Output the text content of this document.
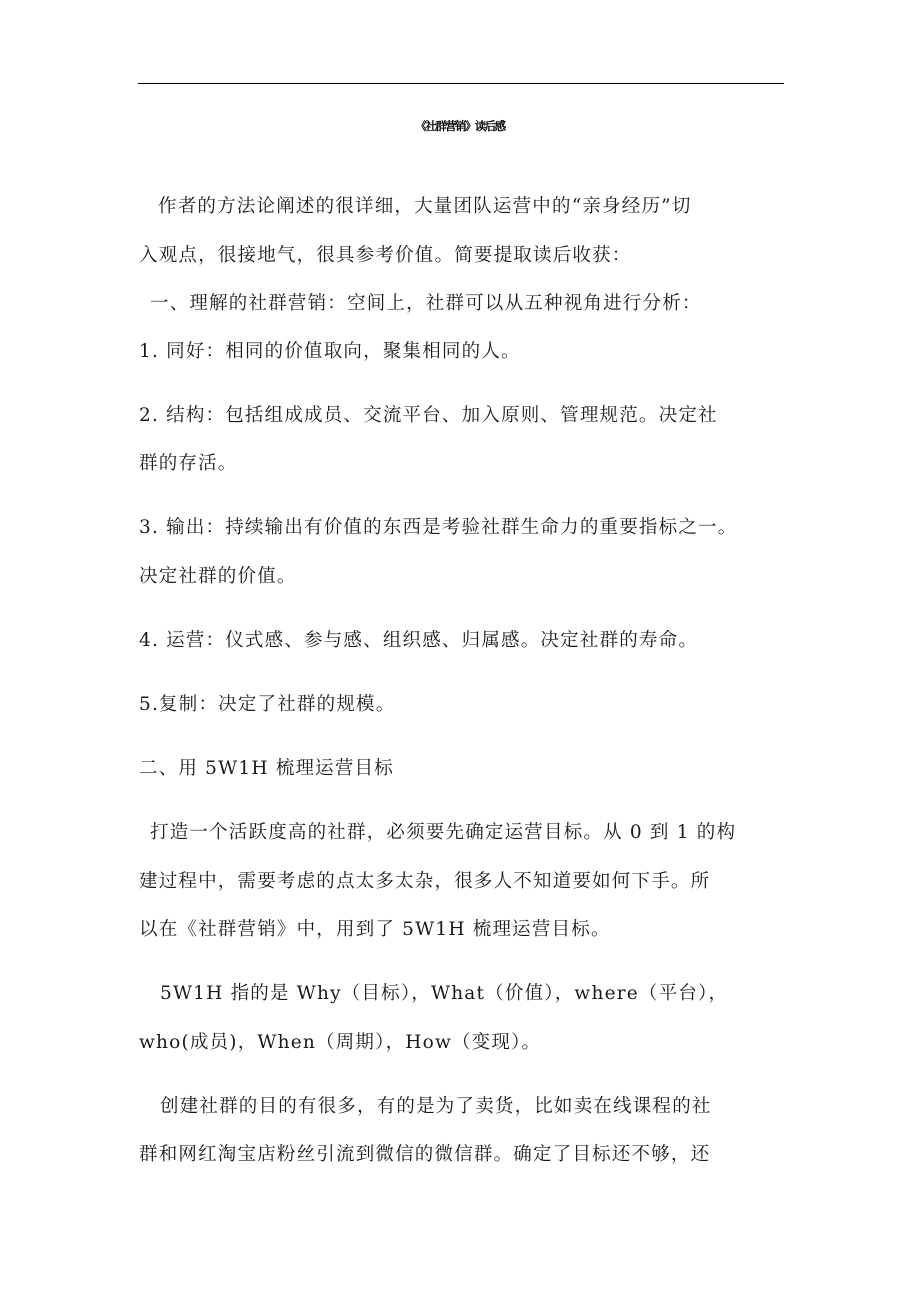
《社群营销》读后感
作者的方法论阐述的很详细，大量团队运营中的“亲身经历”切
入观点，很接地气，很具参考价值。简要提取读后收获：
一、理解的社群营销：空间上，社群可以从五种视角进行分析：
1. 同好：相同的价值取向，聚集相同的人。
2. 结构：包括组成成员、交流平台、加入原则、管理规范。决定社
群的存活。
3. 输出：持续输出有价值的东西是考验社群生命力的重要指标之一。
决定社群的价值。
4. 运营：仪式感、参与感、组织感、归属感。决定社群的寿命。
5.复制：决定了社群的规模。
二、用 5W1H 梳理运营目标
打造一个活跃度高的社群，必须要先确定运营目标。从 0 到 1 的构
建过程中，需要考虑的点太多太杂，很多人不知道要如何下手。所
以在《社群营销》中，用到了 5W1H 梳理运营目标。
5W1H 指的是 Why（目标），What（价值），where（平台），
who(成员)，When（周期），How（变现）。
创建社群的目的有很多，有的是为了卖货，比如卖在线课程的社
群和网红淘宝店粉丝引流到微信的微信群。确定了目标还不够，还
